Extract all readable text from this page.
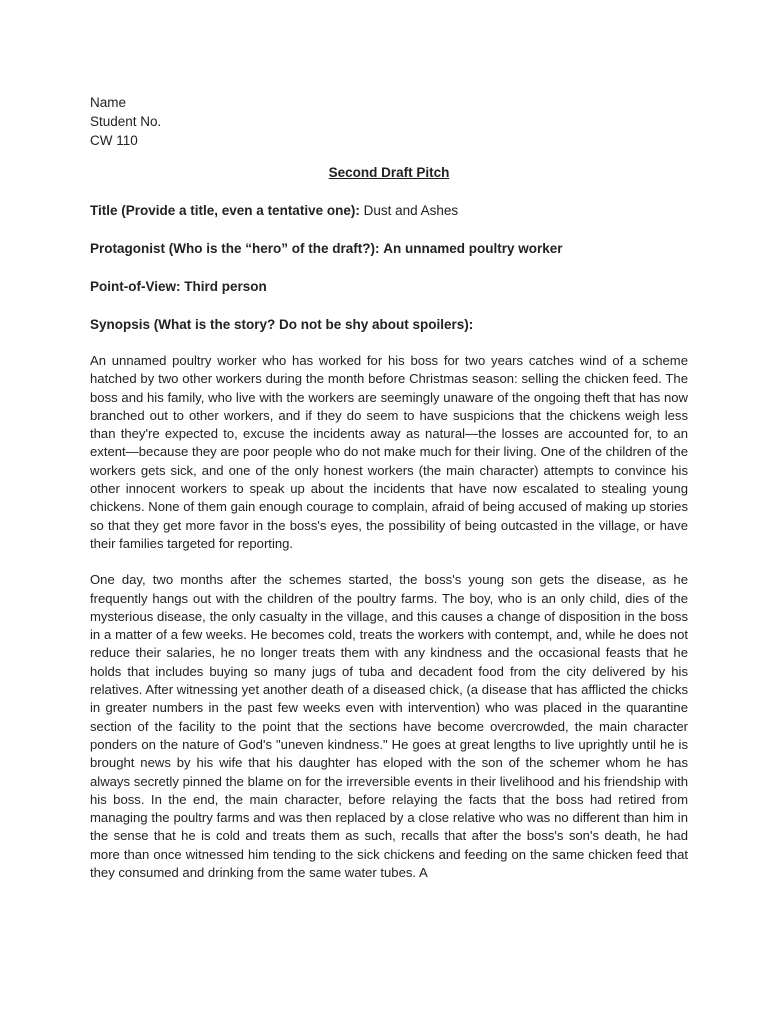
Name

Student No.

CW 110

Second Draft Pitch
Title (Provide a title, even a tentative one): Dust and Ashes
Protagonist (Who is the “hero” of the draft?): An unnamed poultry worker
Point-of-View: Third person
Synopsis (What is the story? Do not be shy about spoilers):

An unnamed poultry worker who has worked for his boss for two years catches wind of a scheme hatched by two other workers during the month before Christmas season: selling the chicken feed. The boss and his family, who live with the workers are seemingly unaware of the ongoing theft that has now branched out to other workers, and if they do seem to have suspicions that the chickens weigh less than they're expected to, excuse the incidents away as natural—the losses are accounted for, to an extent—because they are poor people who do not make much for their living. One of the children of the workers gets sick, and one of the only honest workers (the main character) attempts to convince his other innocent workers to speak up about the incidents that have now escalated to stealing young chickens. None of them gain enough courage to complain, afraid of being accused of making up stories so that they get more favor in the boss's eyes, the possibility of being outcasted in the village, or have their families targeted for reporting.

One day, two months after the schemes started, the boss's young son gets the disease, as he frequently hangs out with the children of the poultry farms. The boy, who is an only child, dies of the mysterious disease, the only casualty in the village, and this causes a change of disposition in the boss in a matter of a few weeks. He becomes cold, treats the workers with contempt, and, while he does not reduce their salaries, he no longer treats them with any kindness and the occasional feasts that he holds that includes buying so many jugs of tuba and decadent food from the city delivered by his relatives. After witnessing yet another death of a diseased chick, (a disease that has afflicted the chicks in greater numbers in the past few weeks even with intervention) who was placed in the quarantine section of the facility to the point that the sections have become overcrowded, the main character ponders on the nature of God's "uneven kindness." He goes at great lengths to live uprightly until he is brought news by his wife that his daughter has eloped with the son of the schemer whom he has always secretly pinned the blame on for the irreversible events in their livelihood and his friendship with his boss. In the end, the main character, before relaying the facts that the boss had retired from managing the poultry farms and was then replaced by a close relative who was no different than him in the sense that he is cold and treats them as such, recalls that after the boss's son's death, he had more than once witnessed him tending to the sick chickens and feeding on the same chicken feed that they consumed and drinking from the same water tubes. A
